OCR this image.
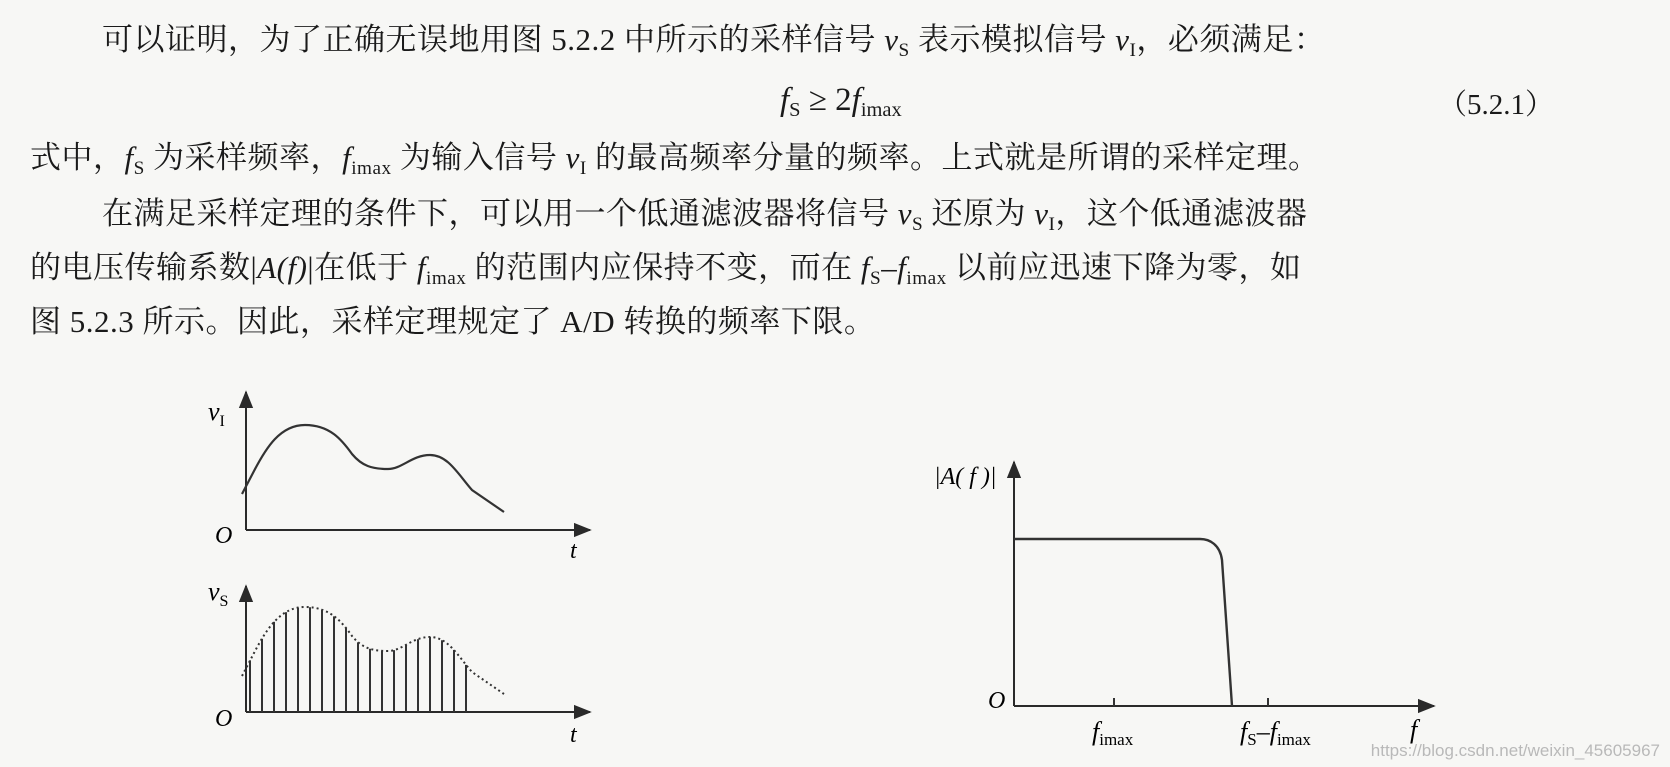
可以证明，为了正确无误地用图 5.2.2 中所示的采样信号 $v_S$ 表示模拟信号 $v_I$，必须满足：
$f_S \ge 2f_{imax}$	（5.2.1）
式中，$f_S$ 为采样频率，$f_{imax}$ 为输入信号 $v_I$ 的最高频率分量的频率。上式就是所谓的采样定理。
在满足采样定理的条件下，可以用一个低通滤波器将信号 $v_S$ 还原为 $v_I$，这个低通滤波器
的电压传输系数|A(f)|在低于 $f_{imax}$ 的范围内应保持不变，而在 $f_S-f_{imax}$ 以前应迅速下降为零，如
图 5.2.3 所示。因此，采样定理规定了 A/D 转换的频率下限。
$v_I$
O
t
$v_S$
O
t
|A( f )|
O
fimax	fS–fimax	f
https://blog.csdn.net/weixin_45605967
